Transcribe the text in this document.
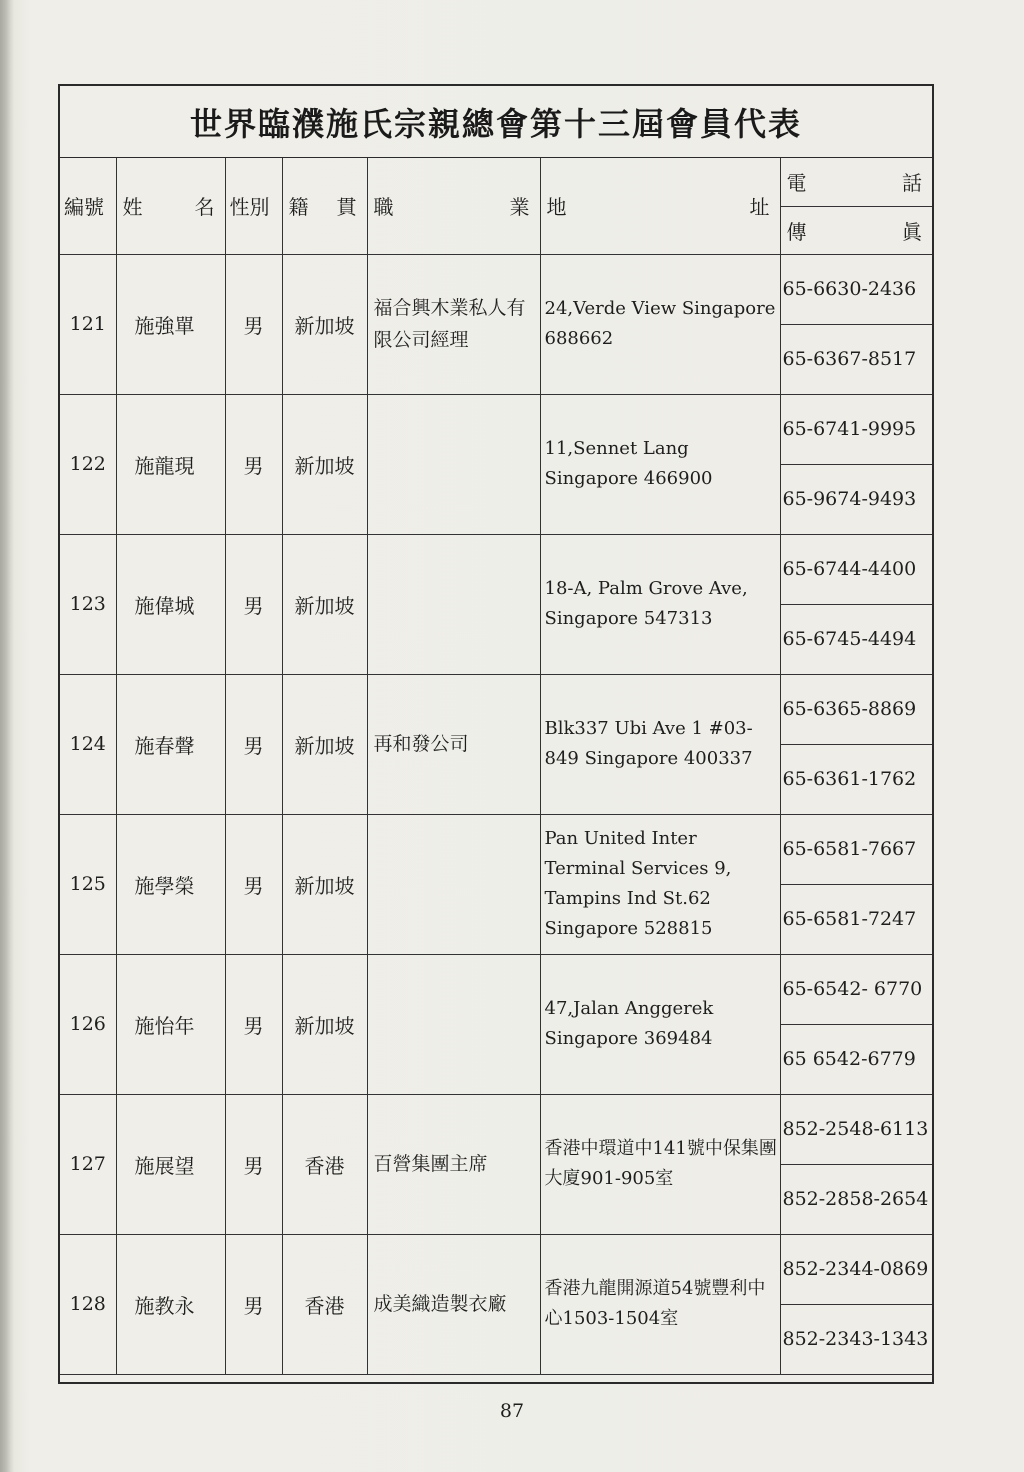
世界臨濮施氏宗親總會第十三屆會員代表
編號	姓 名	性別	籍 貫	職 業	地 址	電 話

						傳 眞

121	施強單	男	新加坡	福合興木業私人有限公司經理	24,Verde View Singapore 688662	65-6630-2436
						65-6367-8517
122	施龍現	男	新加坡		11,Sennet Lang Singapore 466900	65-6741-9995
						65-9674-9493
123	施偉城	男	新加坡		18-A, Palm Grove Ave, Singapore 547313	65-6744-4400
						65-6745-4494
124	施春聲	男	新加坡	再和發公司	Blk337 Ubi Ave 1 #03-849 Singapore 400337	65-6365-8869
						65-6361-1762
125	施學榮	男	新加坡		Pan United Inter Terminal Services 9, Tampins Ind St.62 Singapore 528815	65-6581-7667
						65-6581-7247
126	施怡年	男	新加坡		47,Jalan Anggerek Singapore 369484	65-6542- 6770
						65 6542-6779
127	施展望	男	香港	百營集團主席	香港中環道中141號中保集團大廈901-905室	852-2548-6113
						852-2858-2654
128	施教永	男	香港	成美織造製衣廠	香港九龍開源道54號豐利中心1503-1504室	852-2344-0869
						852-2343-1343
87
